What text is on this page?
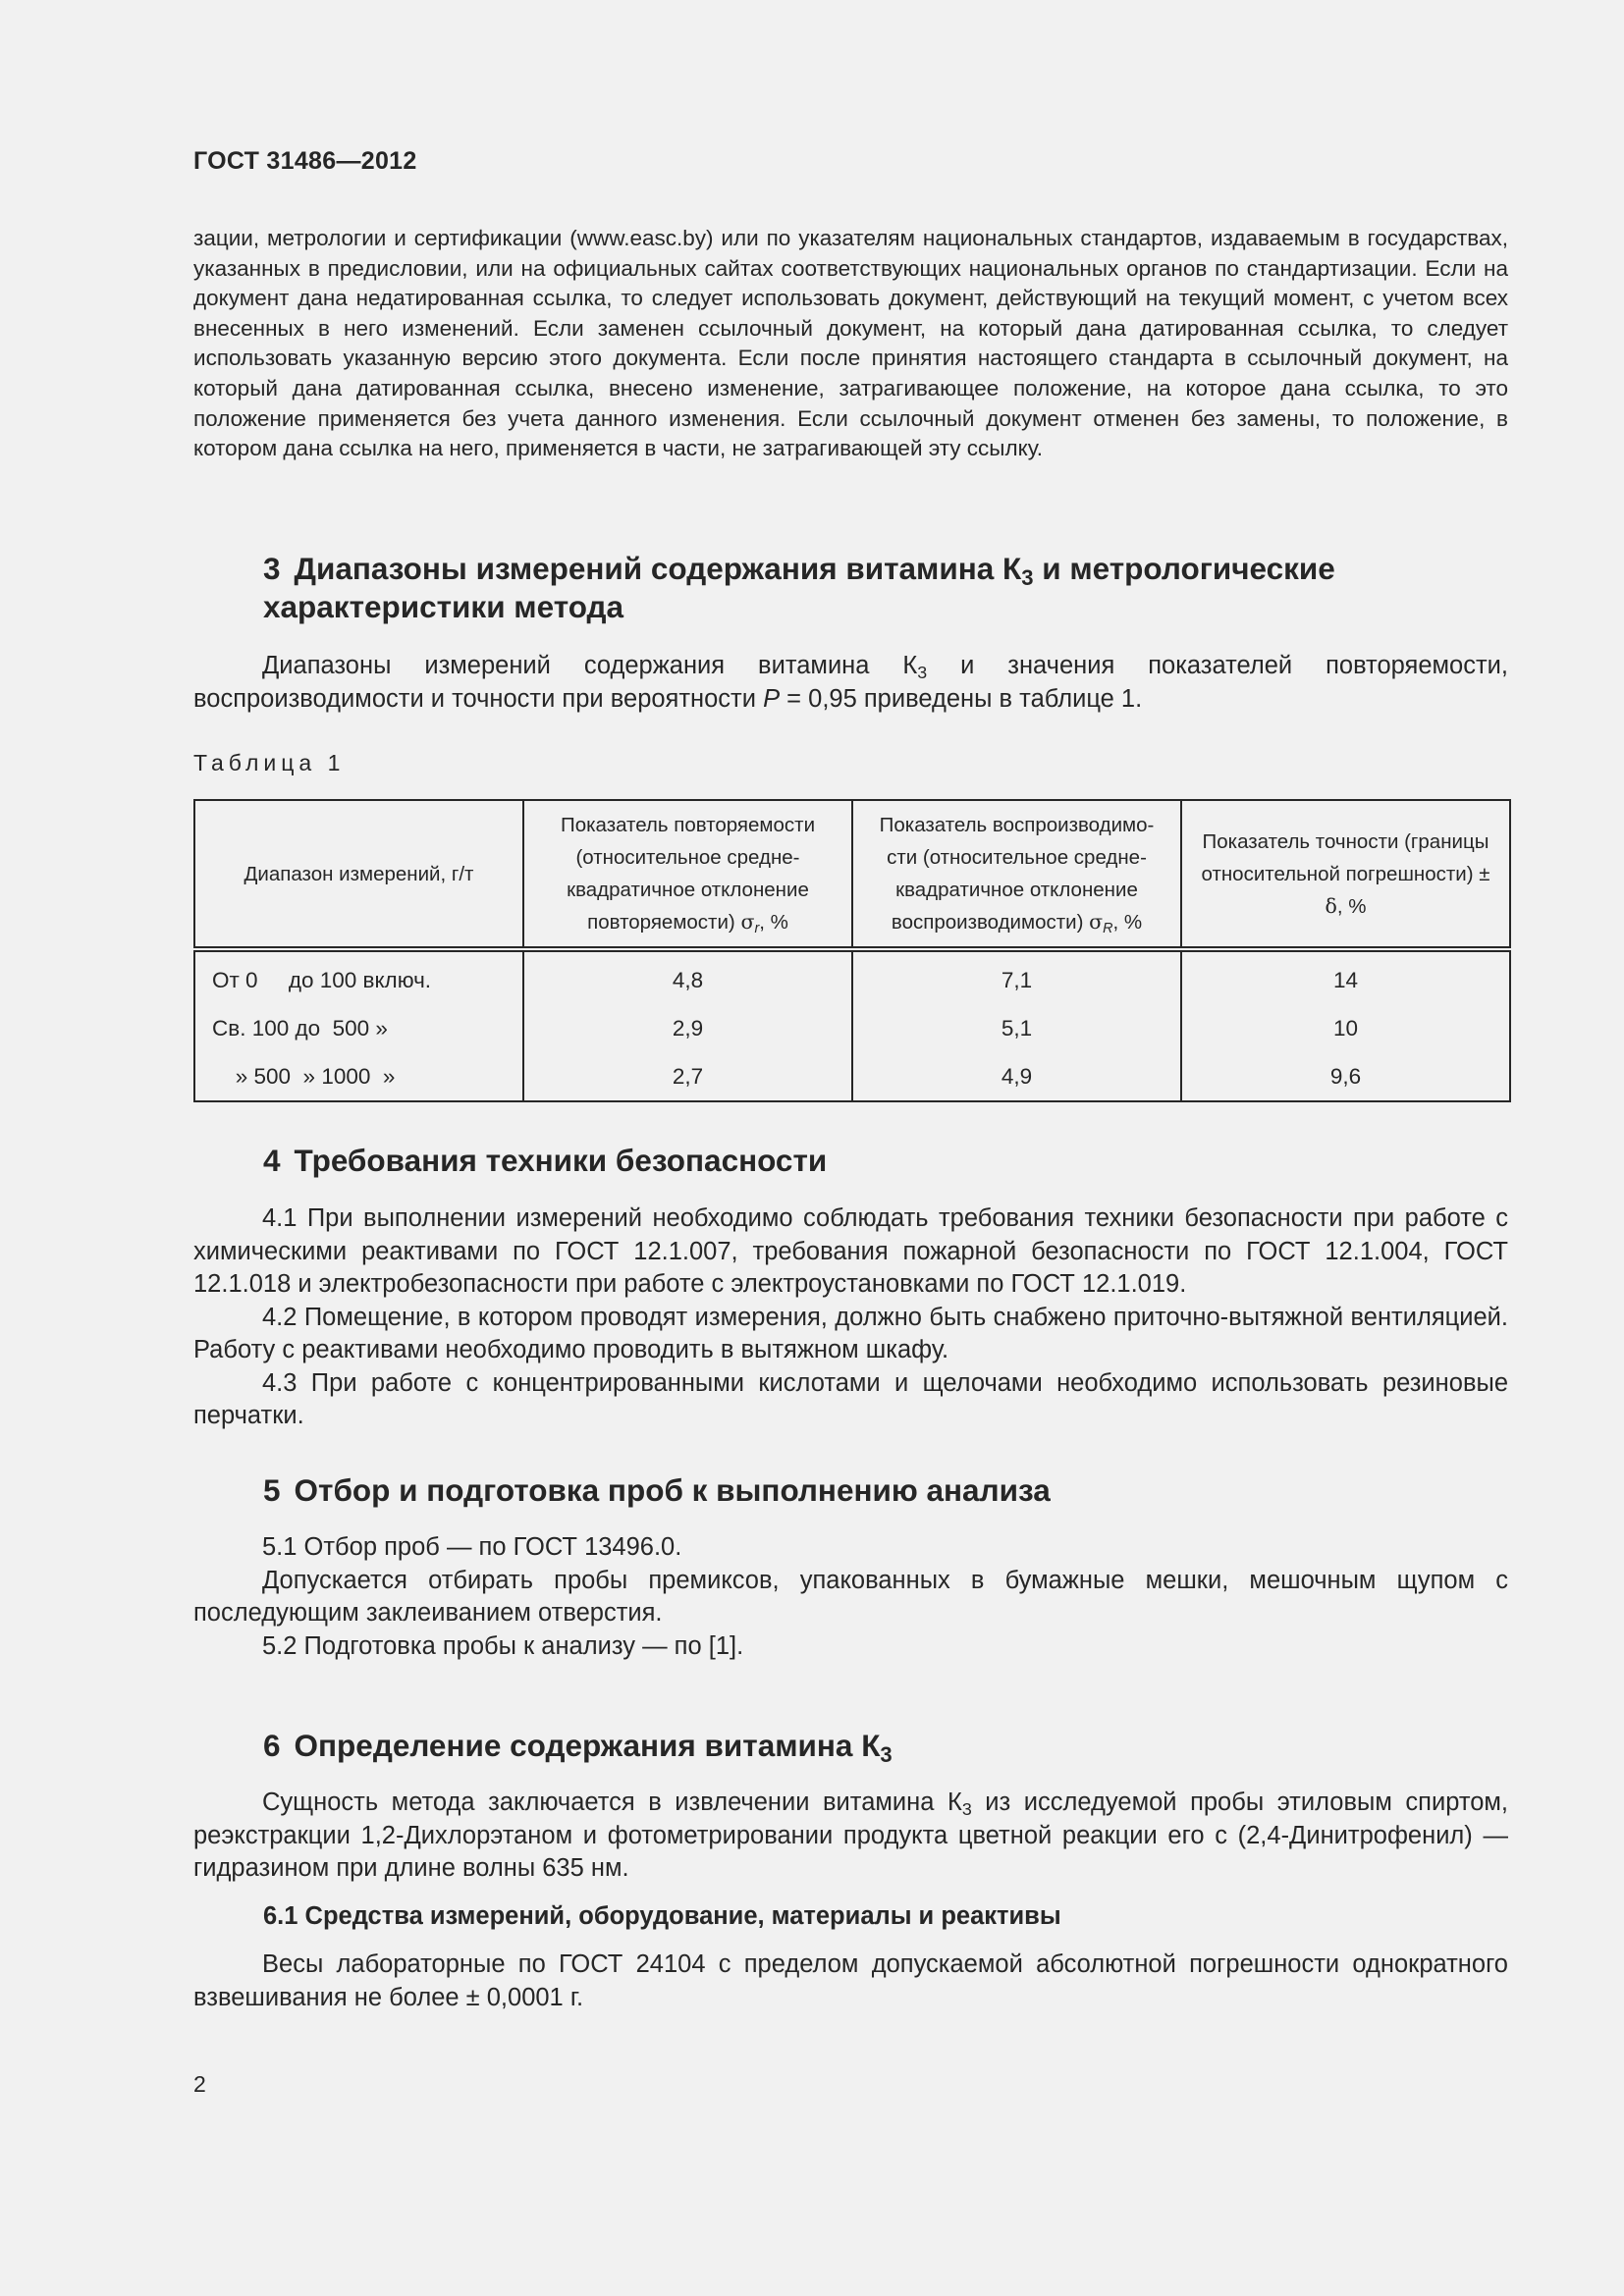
ГОСТ 31486—2012

зации, метрологии и сертификации (www.easc.by) или по указателям национальных стандартов, издаваемым в государствах, указанных в предисловии, или на официальных сайтах соответствующих национальных органов по стандартизации. Если на документ дана недатированная ссылка, то следует использовать документ, действующий на текущий момент, с учетом всех внесенных в него изменений. Если заменен ссылочный документ, на который дана датированная ссылка, то следует использовать указанную версию этого документа. Если после принятия настоящего стандарта в ссылочный документ, на который дана датированная ссылка, внесено изменение, затрагивающее положение, на которое дана ссылка, то это положение применяется без учета данного изменения. Если ссылочный документ отменен без замены, то положение, в котором дана ссылка на него, применяется в части, не затрагивающей эту ссылку.

3 Диапазоны измерений содержания витамина $К_3$ и метрологические характеристики метода

Диапазоны измерений содержания витамина $К_3$ и значения показателей повторяемости, воспроизводимости и точности при вероятности P = 0,95 приведены в таблице 1.

Таблица 1
Диапазон измерений, г/т	Показатель повторяемости (относительное средне-квадратичное отклонение повторяемости) $\sigma_r$, %	Показатель воспроизводимо-сти (относительное средне-квадратичное отклонение воспроизводимости) $\sigma_R$, %	Показатель точности (границы относительной погрешности) ± δ, %
От 0     до 100 включ.	4,8	7,1	14
Св. 100 до  500 »	2,9	5,1	10
» 500  » 1000  »	2,7	4,9	9,6
4 Требования техники безопасности

4.1 При выполнении измерений необходимо соблюдать требования техники безопасности при работе с химическими реактивами по ГОСТ 12.1.007, требования пожарной безопасности по ГОСТ 12.1.004, ГОСТ 12.1.018 и электробезопасности при работе с электроустановками по ГОСТ 12.1.019.

4.2 Помещение, в котором проводят измерения, должно быть снабжено приточно-вытяжной вентиляцией. Работу с реактивами необходимо проводить в вытяжном шкафу.

4.3 При работе с концентрированными кислотами и щелочами необходимо использовать резиновые перчатки.

5 Отбор и подготовка проб к выполнению анализа

5.1 Отбор проб — по ГОСТ 13496.0.

Допускается отбирать пробы премиксов, упакованных в бумажные мешки, мешочным щупом с последующим заклеиванием отверстия.

5.2 Подготовка пробы к анализу — по [1].

6 Определение содержания витамина $К_3$

Сущность метода заключается в извлечении витамина $К_3$ из исследуемой пробы этиловым спиртом, реэкстракции 1,2-Дихлорэтаном и фотометрировании продукта цветной реакции его с (2,4-Динитрофенил) — гидразином при длине волны 635 нм.

6.1 Средства измерений, оборудование, материалы и реактивы

Весы лабораторные по ГОСТ 24104 с пределом допускаемой абсолютной погрешности однократного взвешивания не более ± 0,0001 г.

2
